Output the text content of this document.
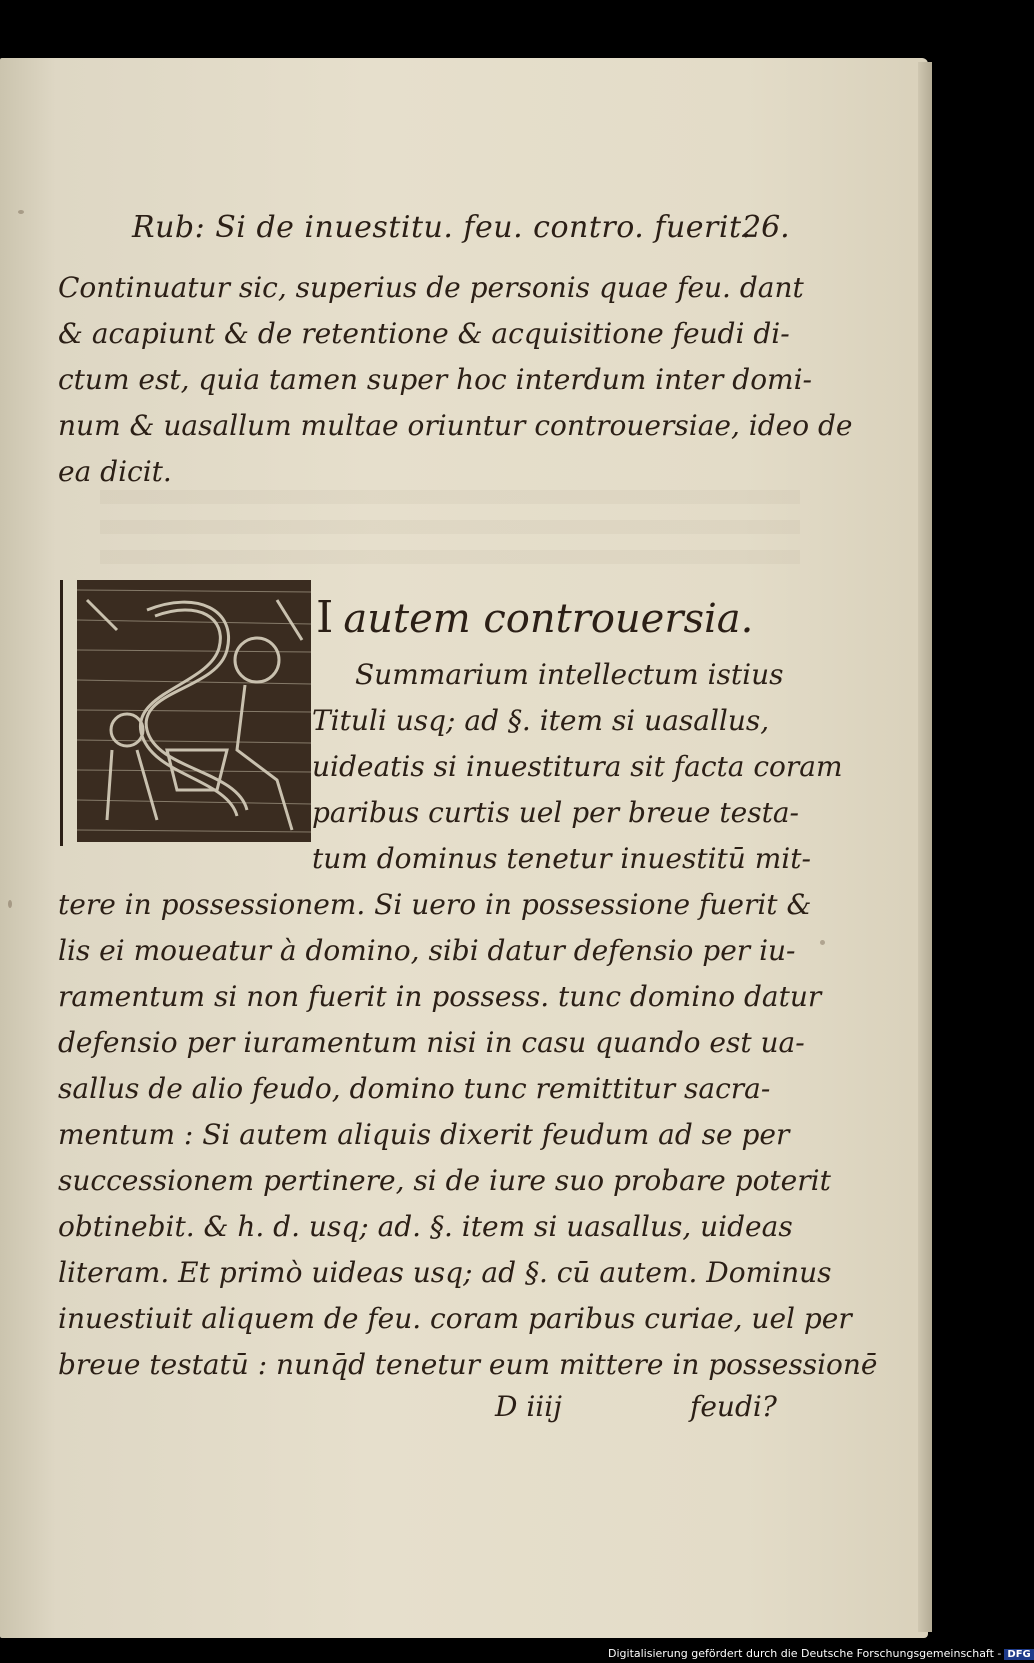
Rub: Si de inuestitu. feu. contro. fuerit.
26.
Continuatur sic, superius de personis quae feu. dant
& acapiunt & de retentione & acquisitione feudi di-
ctum est, quia tamen super hoc interdum inter domi-
num & uasallum multae oriuntur controuersiae, ideo de
ea dicit.
I autem controuersia.
Summarium intellectum istius
Tituli usq; ad §. item si uasallus,
uideatis si inuestitura sit facta coram
paribus curtis uel per breue testa-
tum dominus tenetur inuestitū mit-
tere in possessionem. Si uero in possessione fuerit &
lis ei moueatur à domino, sibi datur defensio per iu-
ramentum si non fuerit in possess. tunc domino datur
defensio per iuramentum nisi in casu quando est ua-
sallus de alio feudo, domino tunc remittitur sacra-
mentum : Si autem aliquis dixerit feudum ad se per
successionem pertinere, si de iure suo probare poterit
obtinebit. & h. d. usq; ad. §. item si uasallus, uideas
literam. Et primò uideas usq; ad §. cū autem. Dominus
inuestiuit aliquem de feu. coram paribus curiae, uel per
breue testatū : nunq̄d tenetur eum mittere in possessionē
D iiij	feudi?
Digitalisierung gefördert durch die Deutsche Forschungsgemeinschaft - DFG
